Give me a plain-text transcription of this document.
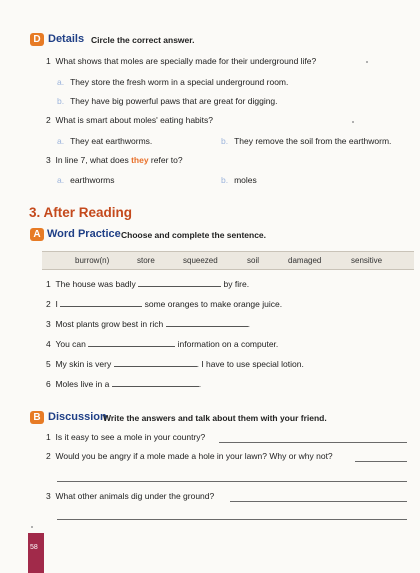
D Details Circle the correct answer.
1 What shows that moles are specially made for their underground life?
a. They store the fresh worm in a special underground room.
b. They have big powerful paws that are great for digging.
2 What is smart about moles' eating habits?
a. They eat earthworms.	b. They remove the soil from the earthworm.
3 In line 7, what does they refer to?
a. earthworms	b. moles
3. After Reading
A Word Practice Choose and complete the sentence.
burrow(n)	store	squeezed	soil	damaged	sensitive
1 The house was badly	by fire.
2 I	some oranges to make orange juice.
3 Most plants grow best in rich	.
4 You can	information on a computer.
5 My skin is very	. I have to use special lotion.
6 Moles live in a	.
B Discussion
Write the answers and talk about them with your friend.
1 Is it easy to see a mole in your country?
2 Would you be angry if a mole made a hole in your lawn? Why or why not?
3 What other animals dig under the ground?
58
